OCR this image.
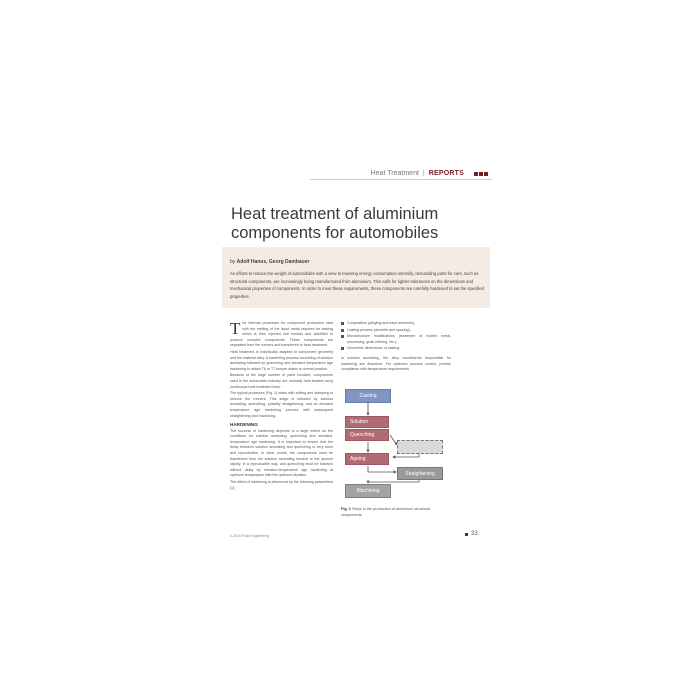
Heat Treatment | REPORTS
Heat treatment of aluminium components for automobiles
by Adolf Hanus, Georg Dambauer
As efforts to reduce the weight of automobiles with a view to lowering energy consumption intensify, demanding parts for cars, such as structural components, are increasingly being manufactured from aluminium. This calls for tighter tolerances on the dimensions and mechanical properties of components. In order to meet these requirements, these components are carefully hardened to set the specified properties.

T he thermal processes for component production start with the melting of the liquid metal required for casting which is then injected into moulds and solidified to produce complex components. These components are separated from the runners and transferred to heat treatment.

Heat treatment is individually adapted to component geometry and the material alloy. A hardening process consisting of solution annealing followed by quenching and elevated temperature age hardening to obtain T6 or T7 temper status is normal practice.

Because of the large number of parts involved, components used in the automobile industry are normally heat treated using continuous heat treatment lines.

The typical procedure (Fig. 1) starts with cutting and stamping to remove the runners. This stage is followed by solution annealing, quenching, possibly straightening, and an elevated temperature age hardening process with subsequent straightening and machining.

HARDENING

The success of hardening depends to a large extent on the conditions for solution annealing, quenching and elevated-temperature age hardening. It is important to ensure that the delay between solution annealing and quenching is very short and reproducible. In other words, the components must be transferred from the solution annealing furnace to the quench rapidly, in a reproducible way, and quenching must be followed without delay by elevated-temperature age hardening at optimum temperature with the optimum duration.

The effect of hardening is influenced by the following parameters [1]:

Composition (alloying and trace elements),
Casting process (dendrite arm spacing),
Microstructure modifications (treatment of molten metal, processing, grain refining, etc.),
Geometric dimensions of casting.

In solution annealing, the alloy constituents responsible for hardening are dissolved. For optimum process control, precise compliance with temperature requirements

Casting
Solution
Quenching
Ageing
Straightening
Machining
Fig. 1 Steps in the production of aluminium structural components
4-2016 Fluid Engineering	33
